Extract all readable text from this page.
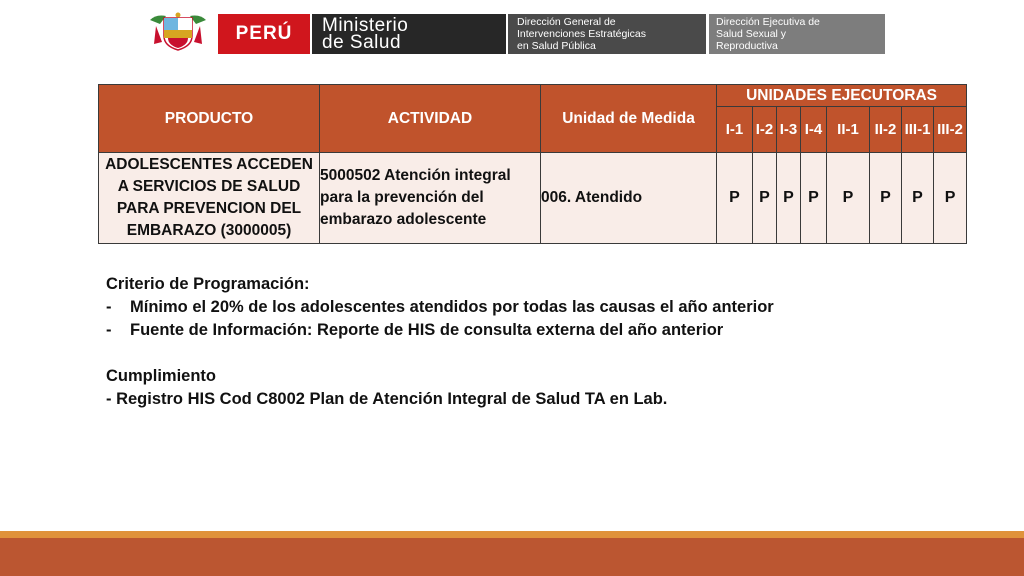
PERÚ Ministerio
de Salud
Dirección General de
Intervenciones Estratégicas
en Salud Pública
Dirección Ejecutiva de
Salud Sexual y
Reproductiva
PRODUCTO	ACTIVIDAD	Unidad de Medida	UNIDADES EJECUTORAS							
			I-1	I-2	I-3	I-4	II-1	II-2	III-1	III-2
ADOLESCENTES ACCEDEN A SERVICIOS DE SALUD PARA PREVENCION DEL EMBARAZO (3000005)	5000502 Atención integral para la prevención del embarazo adolescente	006. Atendido	P	P	P	P	P	P	P	P
Criterio de Programación:
-	Mínimo el 20% de los adolescentes atendidos por todas las causas el año anterior
-	Fuente de Información: Reporte de HIS de consulta externa del año anterior
Cumplimiento
- Registro HIS Cod C8002 Plan de Atención Integral de Salud TA en Lab.
